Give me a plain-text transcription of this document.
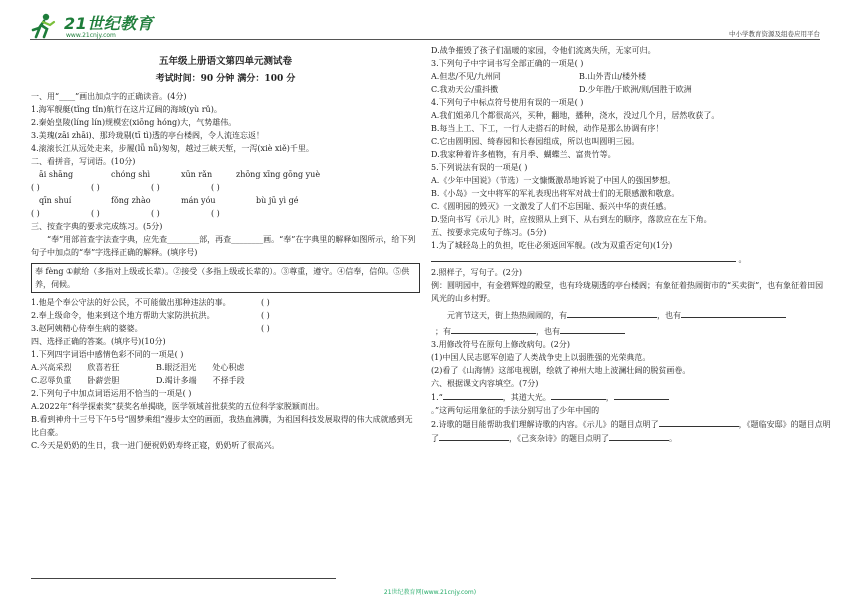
21世纪教育
www.21cnjy.com	中小学教育资源及组卷应用平台

五年级上册语文第四单元测试卷

考试时间：90 分钟 满分：100 分

一、用“____”画出加点字的正确读音。(4分)

1.海军舰艇(tǐng tǐn)航行在这片辽阔的海域(yù rǔ)。

2.秦始皇陵(líng lín)规模宏(xiōng hóng)大，气势雄伟。

3.美瑰(zāi zhāi)、那玲珑剔(tī tì)透的亭台楼阁，令人流连忘返！

4.滚滚长江从远处走来，步履(lǚ nǚ)匆匆，越过三峡天堑，一泻(xiè xiě)千里。

二、看拼音，写词语。(10分)

āi shāng	chóng shì	xūn rǎn	zhōng xīng gōng yuè
( )	( )	( )	( )
qīn shuí	fǒng zhào	mán yóu	bù jū yì gé
( )	( )	( )	( )

三、按查字典的要求完成练习。(5分)

“奉”用部首查字法查字典，应先查________部，再查________画。“奉”在字典里的解释如图所示，给下列句子中加点的“奉”字选择正确的解释。(填序号)

奉 fèng ①献给（多指对上级或长辈）。②接受（多指上级或长辈的）。③尊重，遵守。④信奉，信仰。⑤供养，伺候。

1.他是个奉公守法的好公民，不可能做出那种违法的事。	( )

2.奉上级命令，他来到这个地方帮助大家防洪抗洪。	( )

3.赵阿姨精心侍奉生病的婆婆。	( )

四、选择正确的答案。(填序号)(10分)

1.下列四字词语中感情色彩不同的一项是( )

A.兴高采烈　　欣喜若狂	B.眼泛泪光　　处心积虑
C.忍辱负重　　卧薪尝胆	D.竭计多端　　不择手段

2.下列句子中加点词语运用不恰当的一项是( )

A.2022年“科学探索奖”获奖名单揭晓，医学领域首批获奖的五位科学家脱颖而出。

B.看到神舟十三号下午5号“圆梦乘组”漫步太空的画面，我热血沸腾，为祖国科技发展取得的伟大成就感到无比自豪。

C.今天是奶奶的生日，我一进门便祝奶奶寿终正寝，奶奶听了很高兴。

D.战争摧毁了孩子们温暖的家园，令他们流离失所，无家可归。

3.下列句子中字词书写全部正确的一项是( )

A.但悲/不见/九州同	B.山外青山/楼外楼
C.我劝天公/重抖擞	D.少年胜/于欧洲/则/国胜于欧洲

4.下列句子中标点符号使用有误的一项是( )

A.我们姐弟几个都很高兴，买种，翻地，播种，浇水，没过几个月，居然收获了。

B.每当上工、下工，一行人走搭石的时候，动作是那么协调有序！

C.它由圆明园、绮春园和长春园组成，所以也叫圆明三园。

D.我家种着许多植物，有月季、蝴蝶兰、富贵竹等。

5.下列说法有误的一项是( )

A.《少年中国说》（节选）一文慷慨激昂地诉说了中国人的强国梦想。

B.《小岛》一文中将军的军礼表现出将军对战士们的无限感激和敬意。

C.《圆明园的毁灭》一文激发了人们不忘国耻、振兴中华的责任感。

D.竖向书写《示儿》时，应按照从上到下、从右到左的顺序，落款应在左下角。

五、按要求完成句子练习。(5分)

1.为了城轻岛上的负担，吃住必须返回军舰。(改为双重否定句)(1分)

。

2.照样子，写句子。(2分)

例：圆明园中，有金碧辉煌的殿堂，也有玲珑剔透的亭台楼阁；有象征着热闹街市的“买卖街”，也有象征着田园风光的山乡村野。

元宵节这天，街上热热闹闹的，有	，也有

；有	，也有

3.用修改符号在原句上修改病句。(2分)

(1)中国人民志愿军创造了人类战争史上以弱胜强的光荣典范。

(2)看了《山海情》这部电视剧，绘就了神州大地上波澜壮阔的脱贫画卷。

六、根据课文内容填空。(7分)

1.“	，其道大光。	，

。”这两句运用象征的手法分别写出了少年中国的

2.诗歌的题目能帮助我们理解诗歌的内容。《示儿》的题目点明了	，《题临安邸》的题目点明了	，《己亥杂诗》的题目点明了	。

21世纪教育网(www.21cnjy.com)
